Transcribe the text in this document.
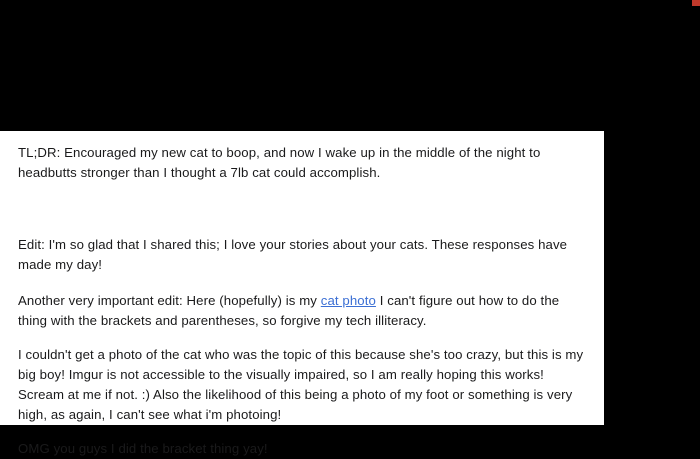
TL;DR: Encouraged my new cat to boop, and now I wake up in the middle of the night to headbutts stronger than I thought a 7lb cat could accomplish.

Edit: I'm so glad that I shared this; I love your stories about your cats. These responses have made my day!

Another very important edit: Here (hopefully) is my cat photo I can't figure out how to do the thing with the brackets and parentheses, so forgive my tech illiteracy.

I couldn't get a photo of the cat who was the topic of this because she's too crazy, but this is my big boy! Imgur is not accessible to the visually impaired, so I am really hoping this works! Scream at me if not. :) Also the likelihood of this being a photo of my foot or something is very high, as again, I can't see what i'm photoing!

OMG you guys I did the bracket thing yay!
